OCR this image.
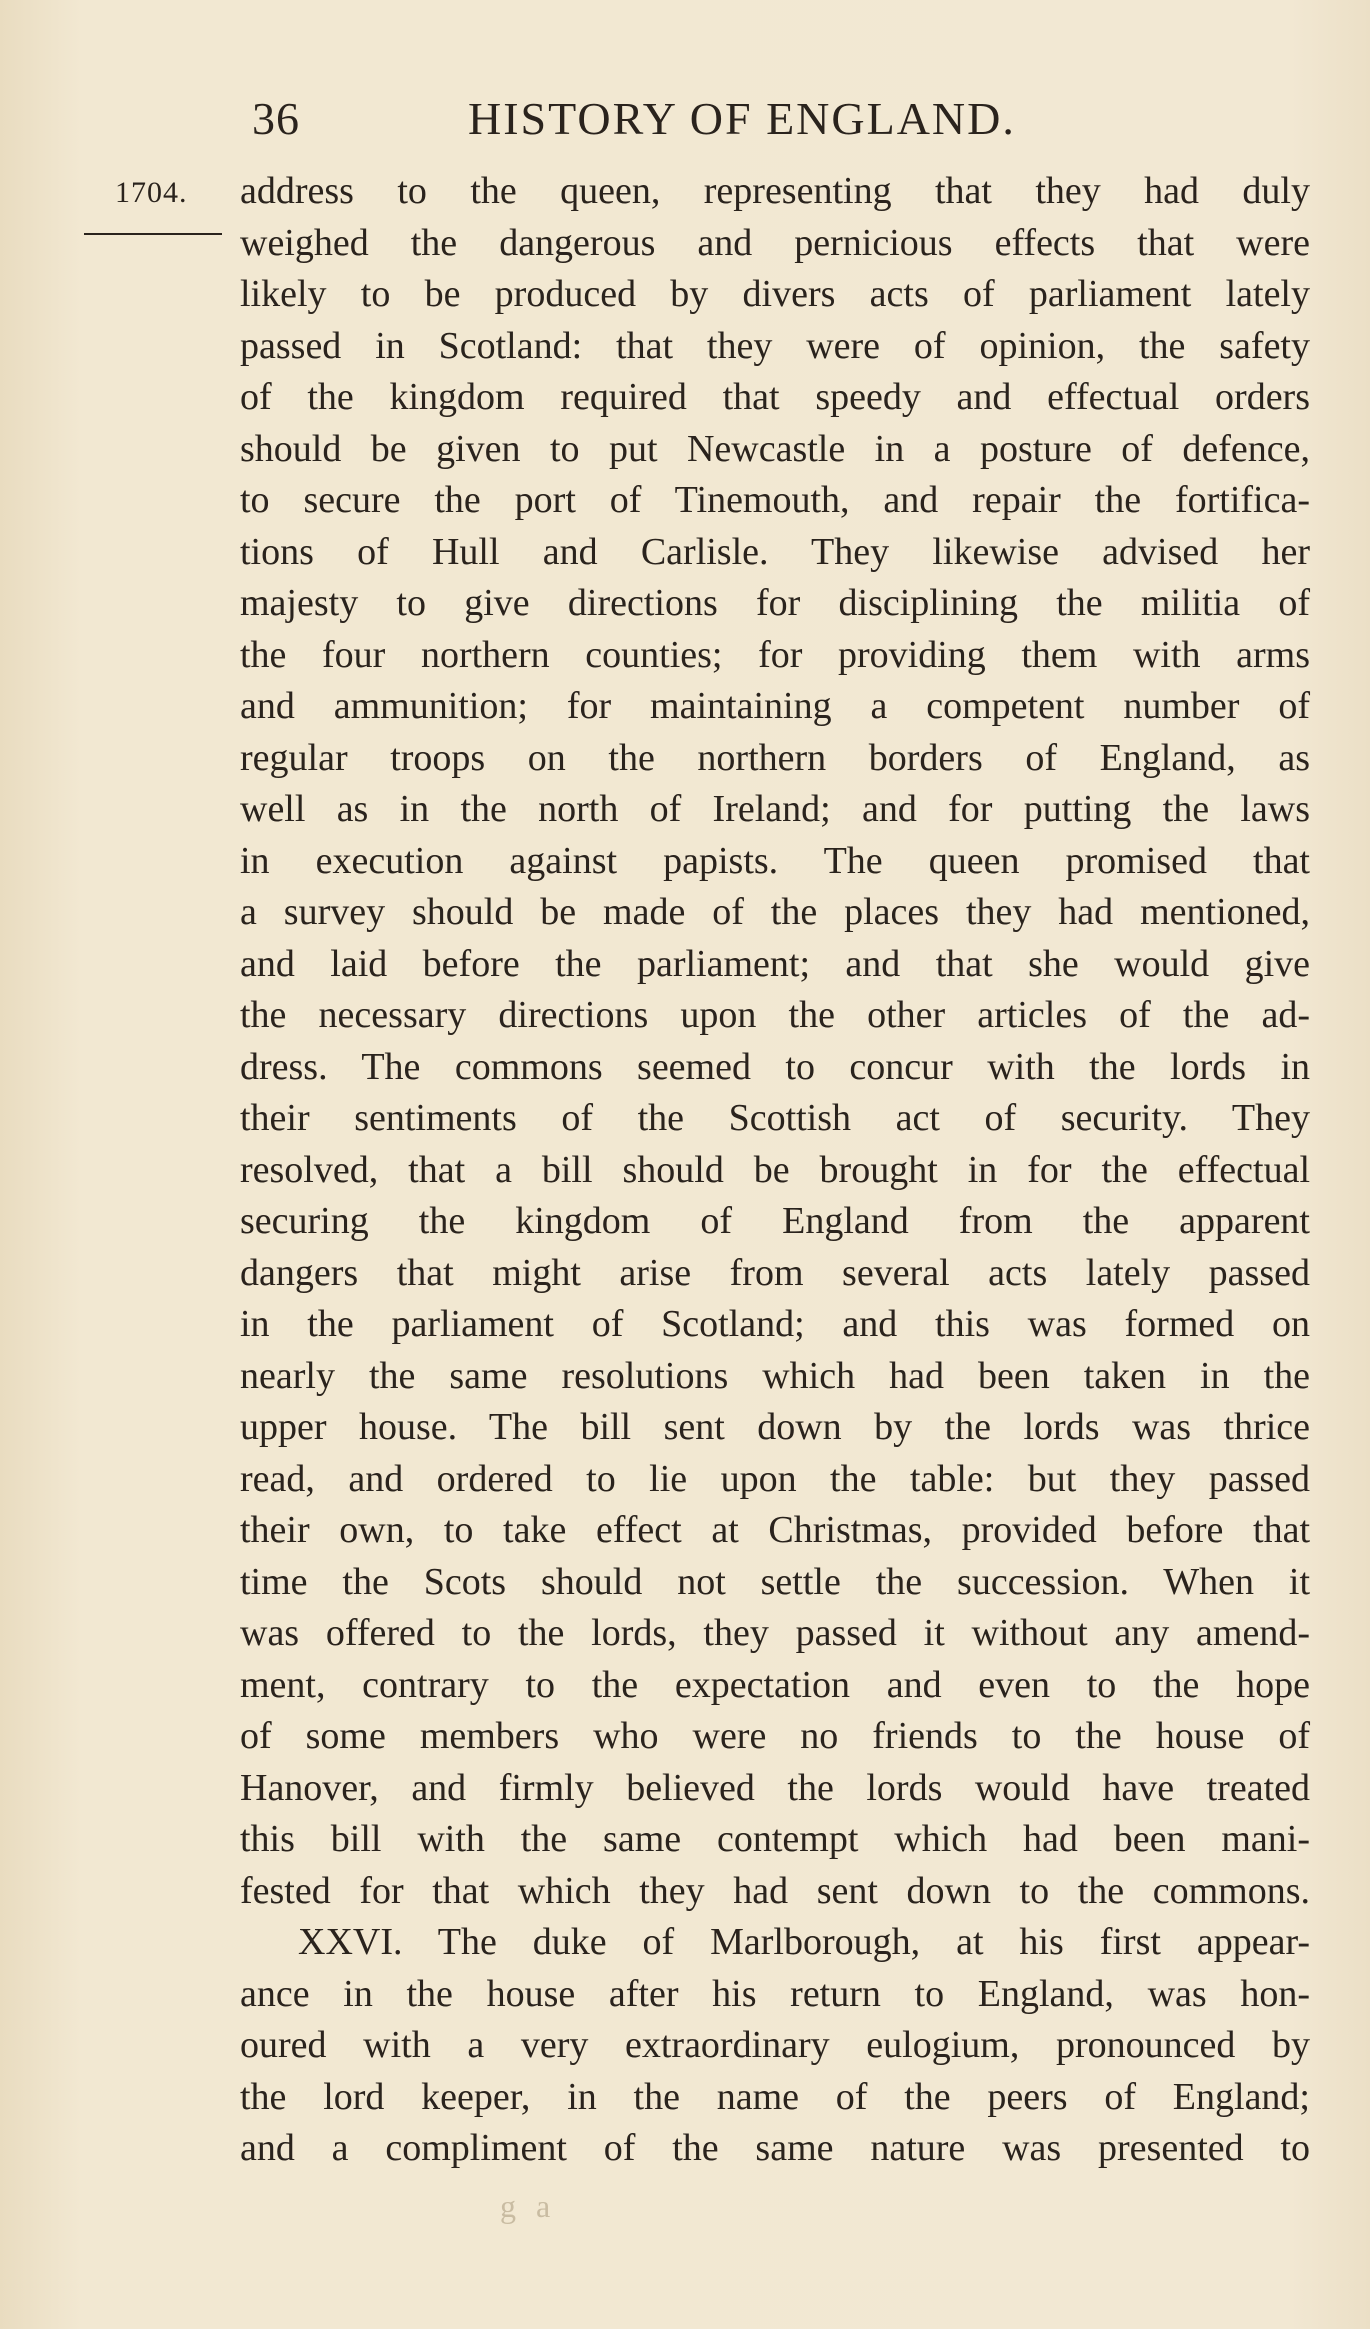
36	HISTORY OF ENGLAND.
1704. address to the queen, representing that they had duly
weighed the dangerous and pernicious effects that were
likely to be produced by divers acts of parliament lately
passed in Scotland: that they were of opinion, the safety
of the kingdom required that speedy and effectual orders
should be given to put Newcastle in a posture of defence,
to secure the port of Tinemouth, and repair the fortifica-
tions of Hull and Carlisle. They likewise advised her
majesty to give directions for disciplining the militia of
the four northern counties; for providing them with arms
and ammunition; for maintaining a competent number of
regular troops on the northern borders of England, as
well as in the north of Ireland; and for putting the laws
in execution against papists. The queen promised that
a survey should be made of the places they had mentioned,
and laid before the parliament; and that she would give
the necessary directions upon the other articles of the ad-
dress. The commons seemed to concur with the lords in
their sentiments of the Scottish act of security. They
resolved, that a bill should be brought in for the effectual
securing the kingdom of England from the apparent
dangers that might arise from several acts lately passed
in the parliament of Scotland; and this was formed on
nearly the same resolutions which had been taken in the
upper house. The bill sent down by the lords was thrice
read, and ordered to lie upon the table: but they passed
their own, to take effect at Christmas, provided before that
time the Scots should not settle the succession. When it
was offered to the lords, they passed it without any amend-
ment, contrary to the expectation and even to the hope
of some members who were no friends to the house of
Hanover, and firmly believed the lords would have treated
this bill with the same contempt which had been mani-
fested for that which they had sent down to the commons.
XXVI. The duke of Marlborough, at his first appear-
ance in the house after his return to England, was hon-
oured with a very extraordinary eulogium, pronounced by
the lord keeper, in the name of the peers of England;
and a compliment of the same nature was presented to
g a
